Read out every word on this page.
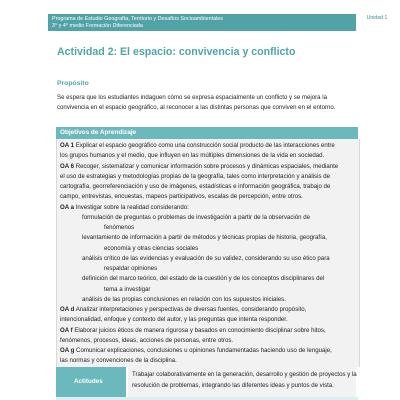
Programa de Estudio Geografía, Territorio y Desafíos Socioambientales
3° y 4° medio Formación Diferenciada
Unidad 1
Actividad 2: El espacio: convivencia y conflicto
Propósito
Se espera que los estudiantes indaguen cómo se expresa espacialmente un conflicto y se mejora la
convivencia en el espacio geográfico, al reconocer a las distintas personas que conviven en el entorno.
Objetivos de Aprendizaje
OA 1 Explicar el espacio geográfico como una construcción social producto de las interacciones entre
los grupos humanos y el medio, que influyen en las múltiples dimensiones de la vida en sociedad.
OA 6 Recoger, sistematizar y comunicar información sobre procesos y dinámicas espaciales, mediante
el uso de estrategias y metodologías propias de la geografía, tales como interpretación y análisis de
cartografía, georreferenciación y uso de imágenes, estadísticas e información geográfica, trabajo de
campo, entrevistas, encuestas, mapeos participativos, escalas de percepción, entre otros.
OA a Investigar sobre la realidad considerando:
formulación de preguntas o problemas de investigación a partir de la observación de
fenómenos
levantamiento de información a partir de métodos y técnicas propias de historia, geografía,
economía y otras ciencias sociales
análisis crítico de las evidencias y evaluación de su validez, considerando su uso ético para
respaldar opiniones
definición del marco teórico, del estado de la cuestión y de los conceptos disciplinares del
tema a investigar
análisis de las propias conclusiones en relación con los supuestos iniciales.
OA d Analizar interpretaciones y perspectivas de diversas fuentes, considerando propósito,
intencionalidad, enfoque y contexto del autor, y las preguntas que intenta responder.
OA f Elaborar juicios éticos de manera rigurosa y basados en conocimiento disciplinar sobre hitos,
fenómenos, procesos, ideas, acciones de personas, entre otros.
OA g Comunicar explicaciones, conclusiones u opiniones fundamentadas haciendo uso de lenguaje,
las normas y convenciones de la disciplina.
Actitudes
Trabajar colaborativamente en la generación, desarrollo y gestión de proyectos y la
resolución de problemas, integrando las diferentes ideas y puntos de vista.
